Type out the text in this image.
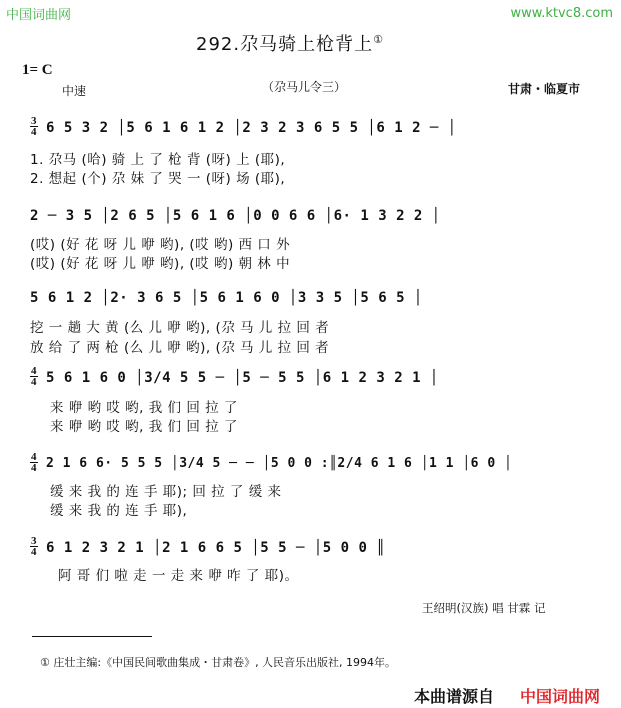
中国词曲网	www.ktvc8.com
292.尕马骑上枪背上①
1= C
中速	（尕马儿令三）	甘肃・临夏市
3
4 6 5 3 2 │5 6 1 6 1 2 │2 3 2 3 6 5 5 │6 1 2 ─ │
1. 尕马 (哈) 骑 上 了 枪 背 (呀) 上 (耶),
2. 想起 (个) 尕 妹 了 哭 一 (呀) 场 (耶),
2 ─ 3 5 │2 6 5 │5 6 1 6 │0 0 6 6 │6· 1 3 2 2 │
(哎) (好 花 呀 儿 咿 哟), (哎 哟) 西 口 外
(哎) (好 花 呀 儿 咿 哟), (哎 哟) 朝 林 中
5 6 1 2 │2· 3 6 5 │5 6 1 6 0 │3 3 5 │5 6 5 │
挖 一 趟 大 黄 (么 儿 咿 哟), (尕 马 儿 拉 回 者
放 给 了 两 枪 (么 儿 咿 哟), (尕 马 儿 拉 回 者
4
4 5 6 1 6 0 │3/4 5 5 ─ │5 ─ 5 5 │6 1 2 3 2 1 │
来 咿 哟 哎 哟, 我 们 回 拉 了
来 咿 哟 哎 哟, 我 们 回 拉 了
4
4 2 1 6 6· 5 5 5 │3/4 5 ─ ─ │5 0 0 :║2/4 6 1 6 │1 1 │6 0 │
缓 来 我 的 连 手 耶); 回 拉 了 缓 来
缓 来 我 的 连 手 耶),
3
4 6 1 2 3 2 1 │2 1 6 6 5 │5 5 ─ │5 0 0 ║
阿 哥 们 啦 走 一 走 来 咿 咋 了 耶)。
王绍明(汉族) 唱 甘霖 记
① 庄壮主编:《中国民间歌曲集成・甘肃卷》, 人民音乐出版社, 1994年。
本曲谱源自 中国词曲网
